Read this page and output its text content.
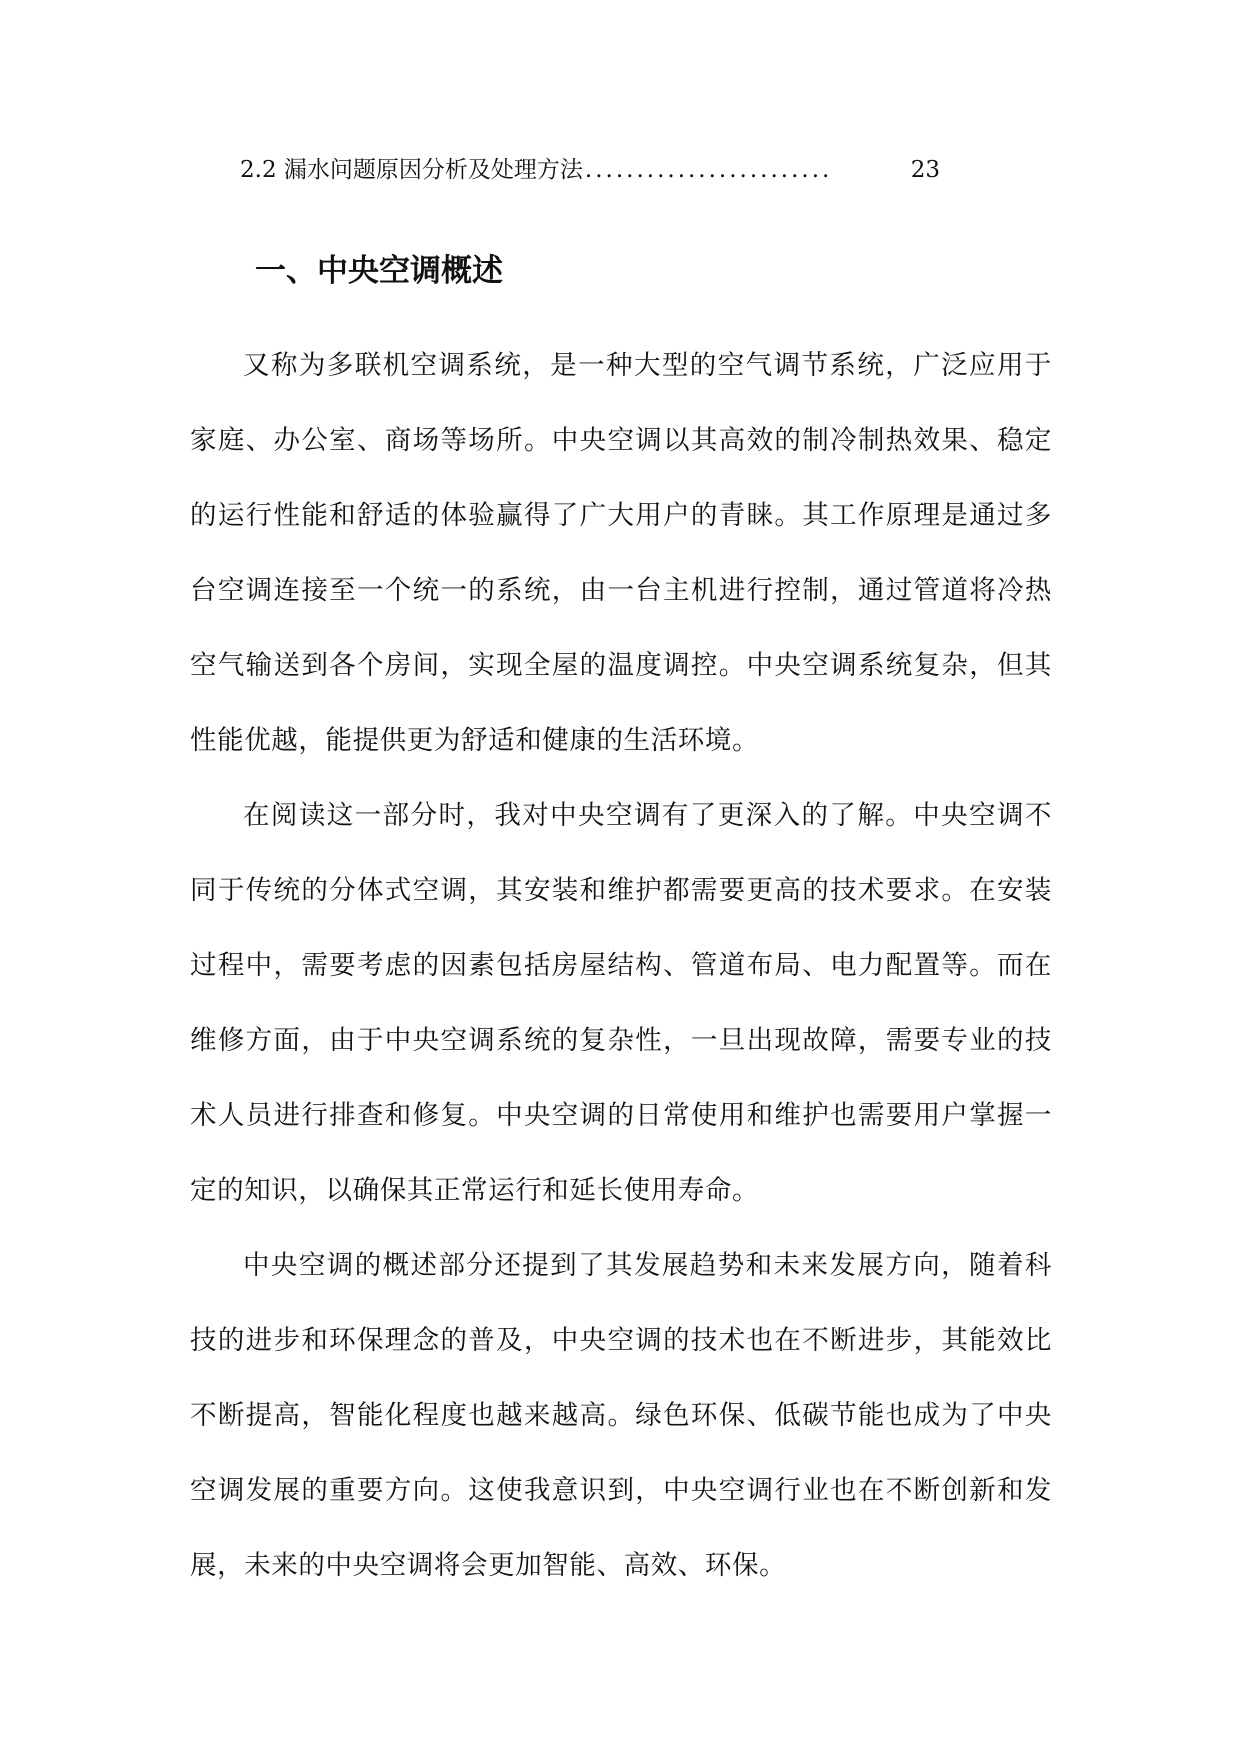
2.2 漏水问题原因分析及处理方法 ........................	23
一、中央空调概述

又称为多联机空调系统，是一种大型的空气调节系统，广泛应用于家庭、办公室、商场等场所。中央空调以其高效的制冷制热效果、稳定的运行性能和舒适的体验赢得了广大用户的青睐。其工作原理是通过多台空调连接至一个统一的系统，由一台主机进行控制，通过管道将冷热空气输送到各个房间，实现全屋的温度调控。中央空调系统复杂，但其性能优越，能提供更为舒适和健康的生活环境。

在阅读这一部分时，我对中央空调有了更深入的了解。中央空调不同于传统的分体式空调，其安装和维护都需要更高的技术要求。在安装过程中，需要考虑的因素包括房屋结构、管道布局、电力配置等。而在维修方面，由于中央空调系统的复杂性，一旦出现故障，需要专业的技术人员进行排查和修复。中央空调的日常使用和维护也需要用户掌握一定的知识，以确保其正常运行和延长使用寿命。

中央空调的概述部分还提到了其发展趋势和未来发展方向，随着科技的进步和环保理念的普及，中央空调的技术也在不断进步，其能效比不断提高，智能化程度也越来越高。绿色环保、低碳节能也成为了中央空调发展的重要方向。这使我意识到，中央空调行业也在不断创新和发展，未来的中央空调将会更加智能、高效、环保。
